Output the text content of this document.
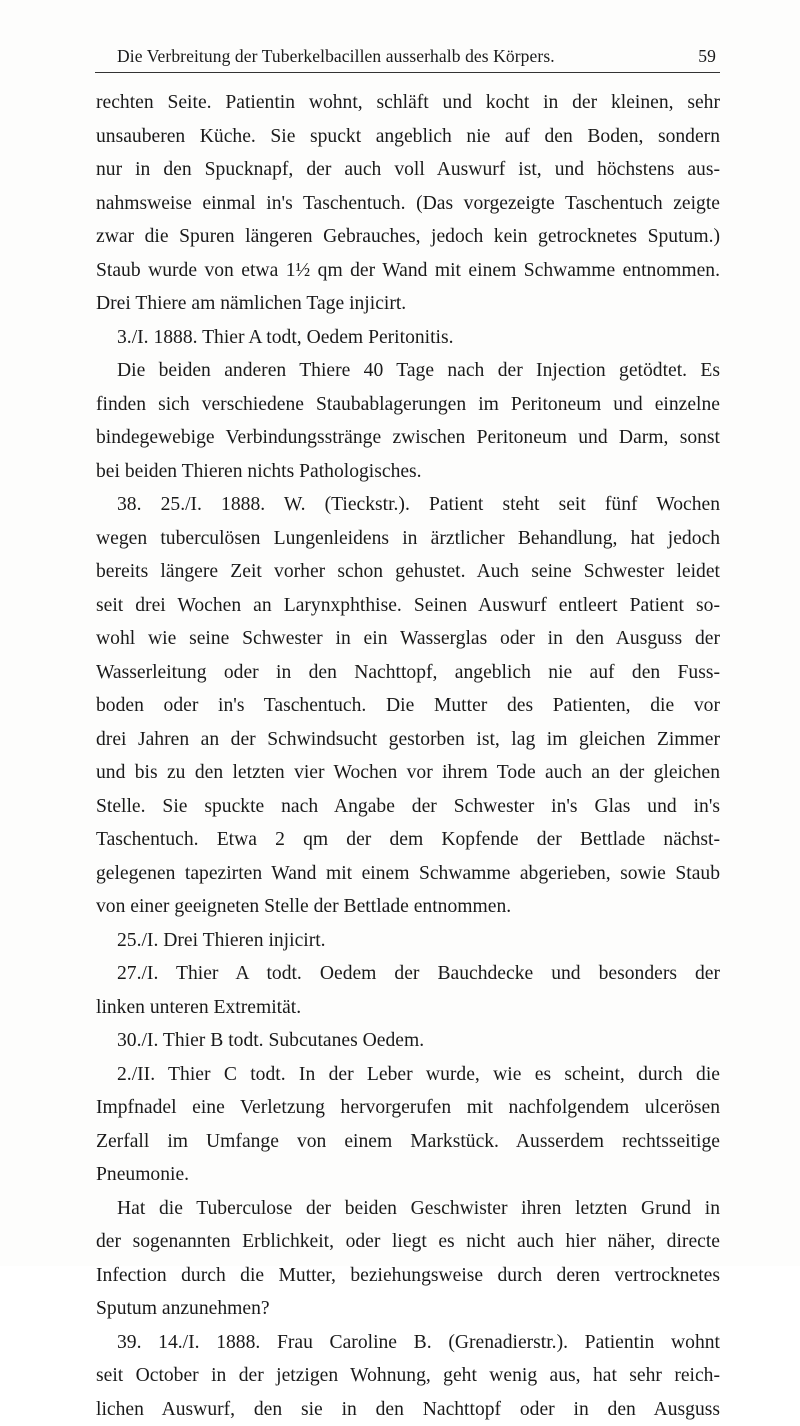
Die Verbreitung der Tuberkelbacillen ausserhalb des Körpers.	59
rechten Seite. Patientin wohnt, schläft und kocht in der kleinen, sehr
unsauberen Küche. Sie spuckt angeblich nie auf den Boden, sondern
nur in den Spucknapf, der auch voll Auswurf ist, und höchstens aus-
nahmsweise einmal in's Taschentuch. (Das vorgezeigte Taschentuch zeigte
zwar die Spuren längeren Gebrauches, jedoch kein getrocknetes Sputum.)
Staub wurde von etwa 1½ qm der Wand mit einem Schwamme entnommen.
Drei Thiere am nämlichen Tage injicirt.
3./I. 1888. Thier A todt, Oedem Peritonitis.
Die beiden anderen Thiere 40 Tage nach der Injection getödtet. Es
finden sich verschiedene Staubablagerungen im Peritoneum und einzelne
bindegewebige Verbindungsstränge zwischen Peritoneum und Darm, sonst
bei beiden Thieren nichts Pathologisches.
38. 25./I. 1888. W. (Tieckstr.). Patient steht seit fünf Wochen
wegen tuberculösen Lungenleidens in ärztlicher Behandlung, hat jedoch
bereits längere Zeit vorher schon gehustet. Auch seine Schwester leidet
seit drei Wochen an Larynxphthise. Seinen Auswurf entleert Patient so-
wohl wie seine Schwester in ein Wasserglas oder in den Ausguss der
Wasserleitung oder in den Nachttopf, angeblich nie auf den Fuss-
boden oder in's Taschentuch. Die Mutter des Patienten, die vor
drei Jahren an der Schwindsucht gestorben ist, lag im gleichen Zimmer
und bis zu den letzten vier Wochen vor ihrem Tode auch an der gleichen
Stelle. Sie spuckte nach Angabe der Schwester in's Glas und in's
Taschentuch. Etwa 2 qm der dem Kopfende der Bettlade nächst-
gelegenen tapezirten Wand mit einem Schwamme abgerieben, sowie Staub
von einer geeigneten Stelle der Bettlade entnommen.
25./I. Drei Thieren injicirt.
27./I. Thier A todt. Oedem der Bauchdecke und besonders der
linken unteren Extremität.
30./I. Thier B todt. Subcutanes Oedem.
2./II. Thier C todt. In der Leber wurde, wie es scheint, durch die
Impfnadel eine Verletzung hervorgerufen mit nachfolgendem ulcerösen
Zerfall im Umfange von einem Markstück. Ausserdem rechtsseitige
Pneumonie.
Hat die Tuberculose der beiden Geschwister ihren letzten Grund in
der sogenannten Erblichkeit, oder liegt es nicht auch hier näher, directe
Infection durch die Mutter, beziehungsweise durch deren vertrocknetes
Sputum anzunehmen?
39. 14./I. 1888. Frau Caroline B. (Grenadierstr.). Patientin wohnt
seit October in der jetzigen Wohnung, geht wenig aus, hat sehr reich-
lichen Auswurf, den sie in den Nachttopf oder in den Ausguss
